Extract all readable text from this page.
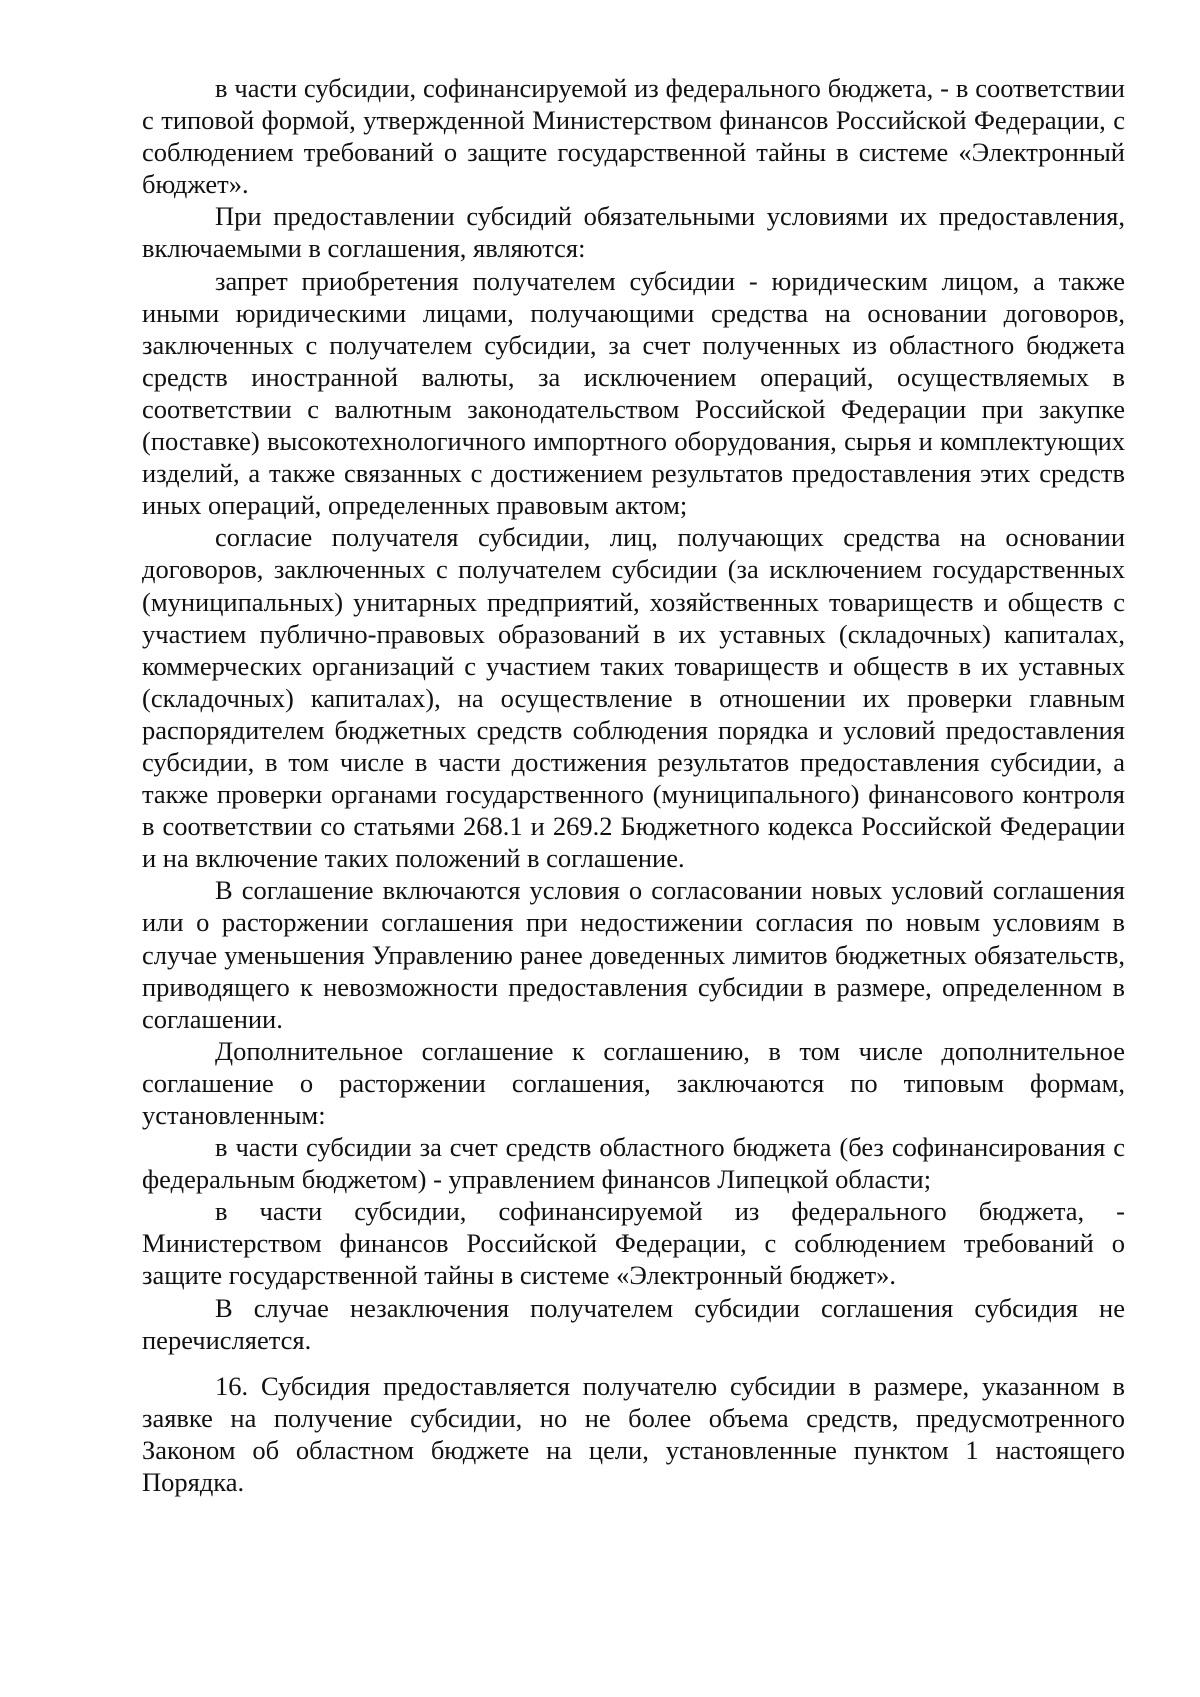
в части субсидии, софинансируемой из федерального бюджета, - в соответствии с типовой формой, утвержденной Министерством финансов Российской Федерации, с соблюдением требований о защите государственной тайны в системе «Электронный бюджет».

При предоставлении субсидий обязательными условиями их предоставления, включаемыми в соглашения, являются:

запрет приобретения получателем субсидии - юридическим лицом, а также иными юридическими лицами, получающими средства на основании договоров, заключенных с получателем субсидии, за счет полученных из областного бюджета средств иностранной валюты, за исключением операций, осуществляемых в соответствии с валютным законодательством Российской Федерации при закупке (поставке) высокотехнологичного импортного оборудования, сырья и комплектующих изделий, а также связанных с достижением результатов предоставления этих средств иных операций, определенных правовым актом;

согласие получателя субсидии, лиц, получающих средства на основании договоров, заключенных с получателем субсидии (за исключением государственных (муниципальных) унитарных предприятий, хозяйственных товариществ и обществ с участием публично-правовых образований в их уставных (складочных) капиталах, коммерческих организаций с участием таких товариществ и обществ в их уставных (складочных) капиталах), на осуществление в отношении их проверки главным распорядителем бюджетных средств соблюдения порядка и условий предоставления субсидии, в том числе в части достижения результатов предоставления субсидии, а также проверки органами государственного (муниципального) финансового контроля в соответствии со статьями 268.1 и 269.2 Бюджетного кодекса Российской Федерации и на включение таких положений в соглашение.

В соглашение включаются условия о согласовании новых условий соглашения или о расторжении соглашения при недостижении согласия по новым условиям в случае уменьшения Управлению ранее доведенных лимитов бюджетных обязательств, приводящего к невозможности предоставления субсидии в размере, определенном в соглашении.

Дополнительное соглашение к соглашению, в том числе дополнительное соглашение о расторжении соглашения, заключаются по типовым формам, установленным:

в части субсидии за счет средств областного бюджета (без софинансирования с федеральным бюджетом) - управлением финансов Липецкой области;

в части субсидии, софинансируемой из федерального бюджета, - Министерством финансов Российской Федерации, с соблюдением требований о защите государственной тайны в системе «Электронный бюджет».

В случае незаключения получателем субсидии соглашения субсидия не перечисляется.

16. Субсидия предоставляется получателю субсидии в размере, указанном в заявке на получение субсидии, но не более объема средств, предусмотренного Законом об областном бюджете на цели, установленные пунктом 1 настоящего Порядка.
